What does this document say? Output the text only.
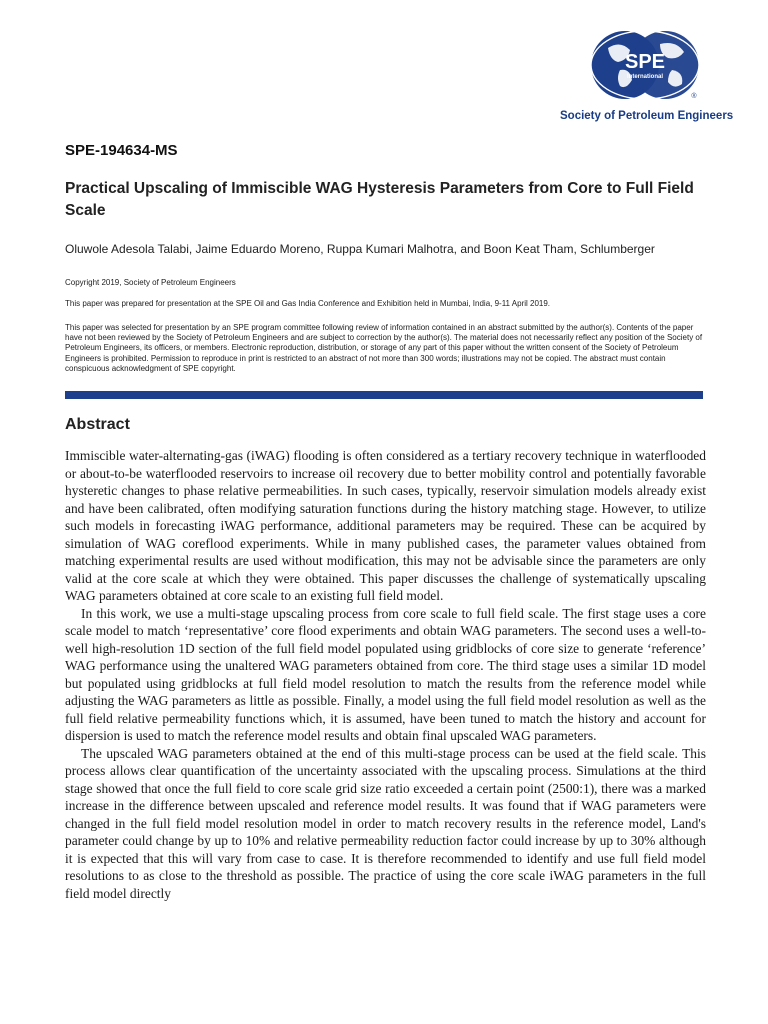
SPE
International
®
Society of Petroleum Engineers
SPE-194634-MS
Practical Upscaling of Immiscible WAG Hysteresis Parameters from Core to Full Field Scale
Oluwole Adesola Talabi, Jaime Eduardo Moreno, Ruppa Kumari Malhotra, and Boon Keat Tham, Schlumberger
Copyright 2019, Society of Petroleum Engineers
This paper was prepared for presentation at the SPE Oil and Gas India Conference and Exhibition held in Mumbai, India, 9-11 April 2019.
This paper was selected for presentation by an SPE program committee following review of information contained in an abstract submitted by the author(s). Contents of the paper have not been reviewed by the Society of Petroleum Engineers and are subject to correction by the author(s). The material does not necessarily reflect any position of the Society of Petroleum Engineers, its officers, or members. Electronic reproduction, distribution, or storage of any part of this paper without the written consent of the Society of Petroleum Engineers is prohibited. Permission to reproduce in print is restricted to an abstract of not more than 300 words; illustrations may not be copied. The abstract must contain conspicuous acknowledgment of SPE copyright.
Abstract

Immiscible water-alternating-gas (iWAG) flooding is often considered as a tertiary recovery technique in waterflooded or about-to-be waterflooded reservoirs to increase oil recovery due to better mobility control and potentially favorable hysteretic changes to phase relative permeabilities. In such cases, typically, reservoir simulation models already exist and have been calibrated, often modifying saturation functions during the history matching stage. However, to utilize such models in forecasting iWAG performance, additional parameters may be required. These can be acquired by simulation of WAG coreflood experiments. While in many published cases, the parameter values obtained from matching experimental results are used without modification, this may not be advisable since the parameters are only valid at the core scale at which they were obtained. This paper discusses the challenge of systematically upscaling WAG parameters obtained at core scale to an existing full field model.

In this work, we use a multi-stage upscaling process from core scale to full field scale. The first stage uses a core scale model to match ‘representative’ core flood experiments and obtain WAG parameters. The second uses a well-to-well high-resolution 1D section of the full field model populated using gridblocks of core size to generate ‘reference’ WAG performance using the unaltered WAG parameters obtained from core. The third stage uses a similar 1D model but populated using gridblocks at full field model resolution to match the results from the reference model while adjusting the WAG parameters as little as possible. Finally, a model using the full field model resolution as well as the full field relative permeability functions which, it is assumed, have been tuned to match the history and account for dispersion is used to match the reference model results and obtain final upscaled WAG parameters.

The upscaled WAG parameters obtained at the end of this multi-stage process can be used at the field scale. This process allows clear quantification of the uncertainty associated with the upscaling process. Simulations at the third stage showed that once the full field to core scale grid size ratio exceeded a certain point (2500:1), there was a marked increase in the difference between upscaled and reference model results. It was found that if WAG parameters were changed in the full field model resolution model in order to match recovery results in the reference model, Land's parameter could change by up to 10% and relative permeability reduction factor could increase by up to 30% although it is expected that this will vary from case to case. It is therefore recommended to identify and use full field model resolutions to as close to the threshold as possible. The practice of using the core scale iWAG parameters in the full field model directly
